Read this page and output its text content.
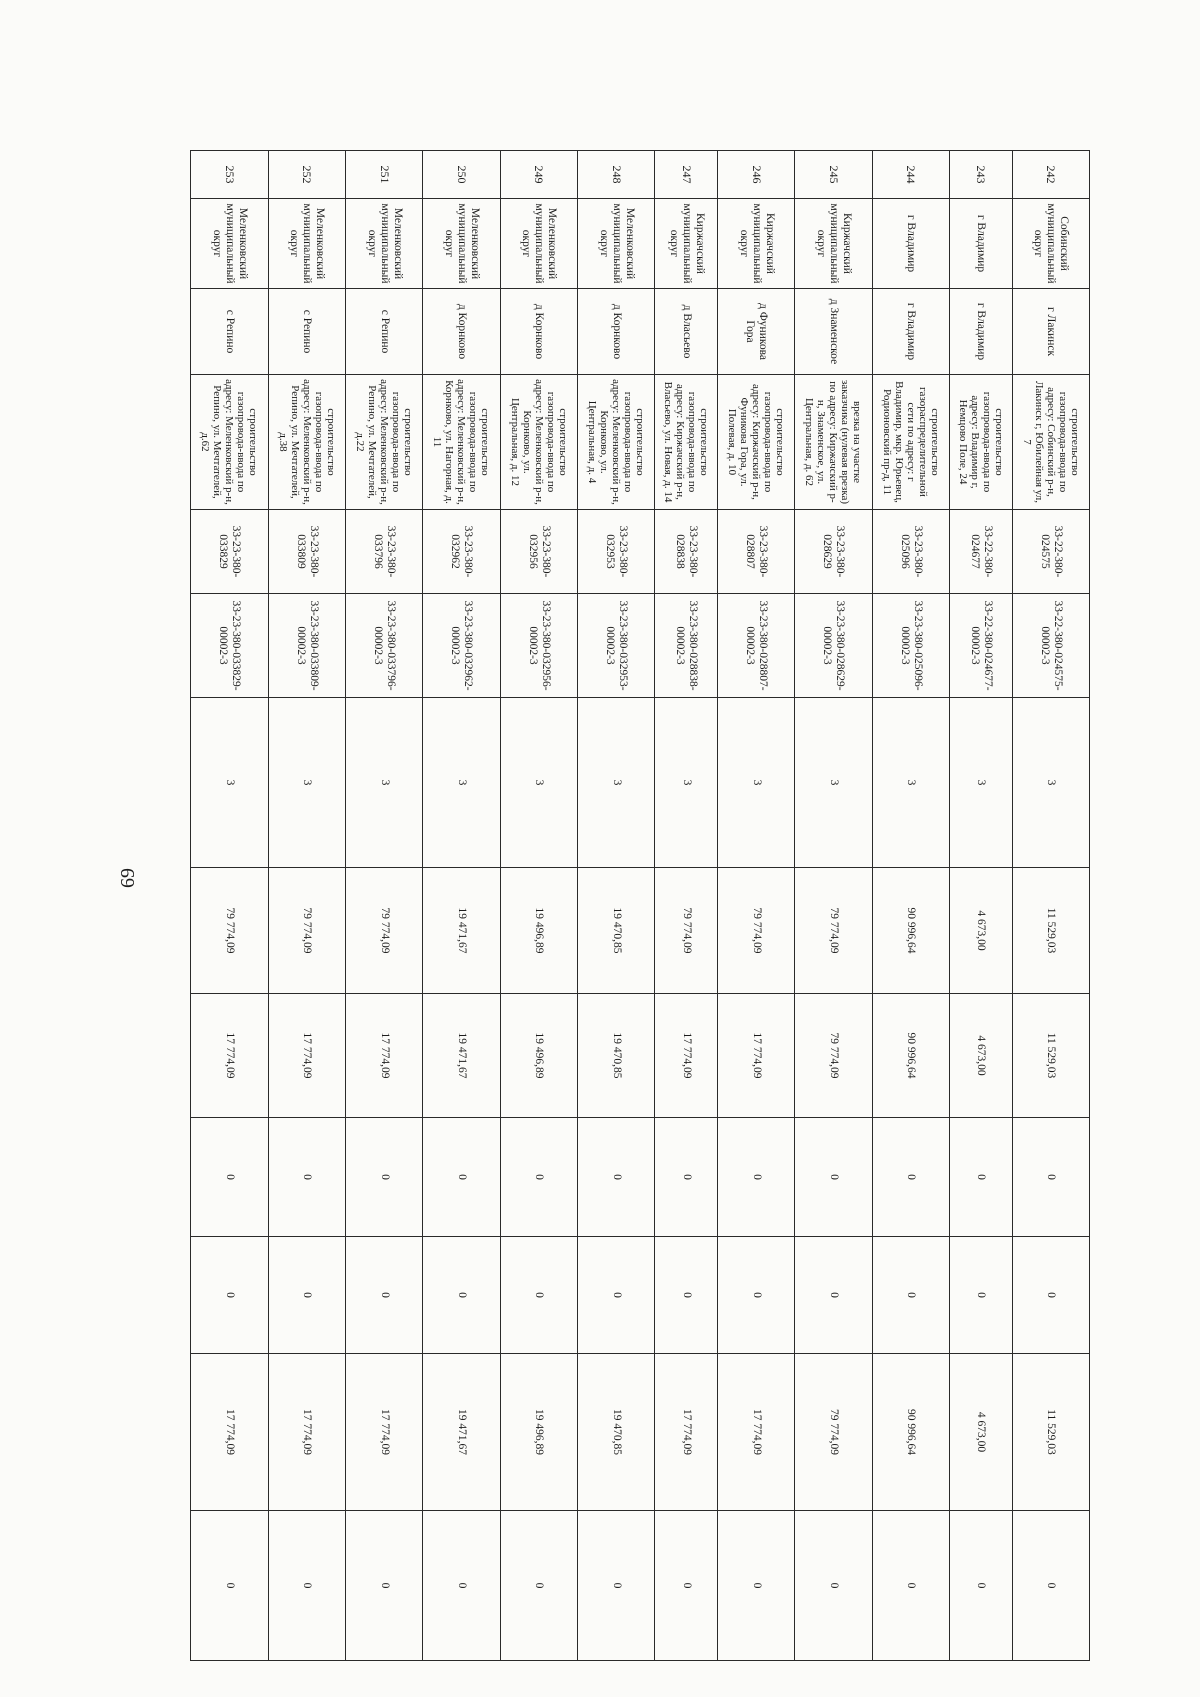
69
242	Собинский муниципальный округ	г Лакинск	строительство газопровода-ввода по адресу: Собинский р-н, Лакинск г, Юбилейная ул, 7	33-22-380-024575	33-22-380-024575-00002-3	3	11 529,03	11 529,03	0	0	11 529,03	0
243	г Владимир	г Владимир	строительство газопровода-ввода по адресу: Владимир г, Немцово Поле, 24	33-22-380-024677	33-22-380-024677-00002-3	3	4 673,00	4 673,00	0	0	4 673,00	0
244	г Владимир	г Владимир	строительство газораспределительной сети по адресу: г Владимир, мкр. Юрьевец, Родионовский пр-д, 11	33-23-380-025096	33-23-380-025096-00002-3	3	90 996,64	90 996,64	0	0	90 996,64	0
245	Киржачский муниципальный округ	д Знаменское	врезка на участке заказчика (нулевая врезка) по адресу: Киржачский р-н, Знаменское, ул. Центральная, д. 62	33-23-380-028629	33-23-380-028629-00002-3	3	79 774,09	79 774,09	0	0	79 774,09	0
246	Киржачский муниципальный округ	д Фуникова Гора	строительство газопровода-ввода по адресу: Киржачский р-н, Фуникова Гора, ул. Полевая, д. 10	33-23-380-028807	33-23-380-028807-00002-3	3	79 774,09	17 774,09	0	0	17 774,09	0
247	Киржачский муниципальный округ	д Власьево	строительство газопровода-ввода по адресу: Киржачский р-н, Власьево, ул. Новая, д. 14	33-23-380-028838	33-23-380-028838-00002-3	3	79 774,09	17 774,09	0	0	17 774,09	0
248	Меленковский муниципальный округ	д Корнково	строительство газопровода-ввода по адресу: Меленковский р-н, Корнково, ул. Центральная, д. 4	33-23-380-032953	33-23-380-032953-00002-3	3	19 470,85	19 470,85	0	0	19 470,85	0
249	Меленковский муниципальный округ	д Корнково	строительство газопровода-ввода по адресу: Меленковский р-н, Корнково, ул. Центральная, д. 12	33-23-380-032956	33-23-380-032956-00002-3	3	19 496,89	19 496,89	0	0	19 496,89	0
250	Меленковский муниципальный округ	д Корнково	строительство газопровода-ввода по адресу: Меленковский р-н, Корнково, ул. Нагорная, д. 11	33-23-380-032962	33-23-380-032962-00002-3	3	19 471,67	19 471,67	0	0	19 471,67	0
251	Меленковский муниципальный округ	с Репино	строительство газопровода-ввода по адресу: Меленковский р-н, Репино, ул. Мечтателей, д.22	33-23-380-033796	33-23-380-033796-00002-3	3	79 774,09	17 774,09	0	0	17 774,09	0
252	Меленковский муниципальный округ	с Репино	строительство газопровода-ввода по адресу: Меленковский р-н, Репино, ул. Мечтателей, д.38	33-23-380-033809	33-23-380-033809-00002-3	3	79 774,09	17 774,09	0	0	17 774,09	0
253	Меленковский муниципальный округ	с Репино	строительство газопровода-ввода по адресу: Меленковский р-н, Репино, ул. Мечтателей, д.62	33-23-380-033829	33-23-380-033829-00002-3	3	79 774,09	17 774,09	0	0	17 774,09	0
